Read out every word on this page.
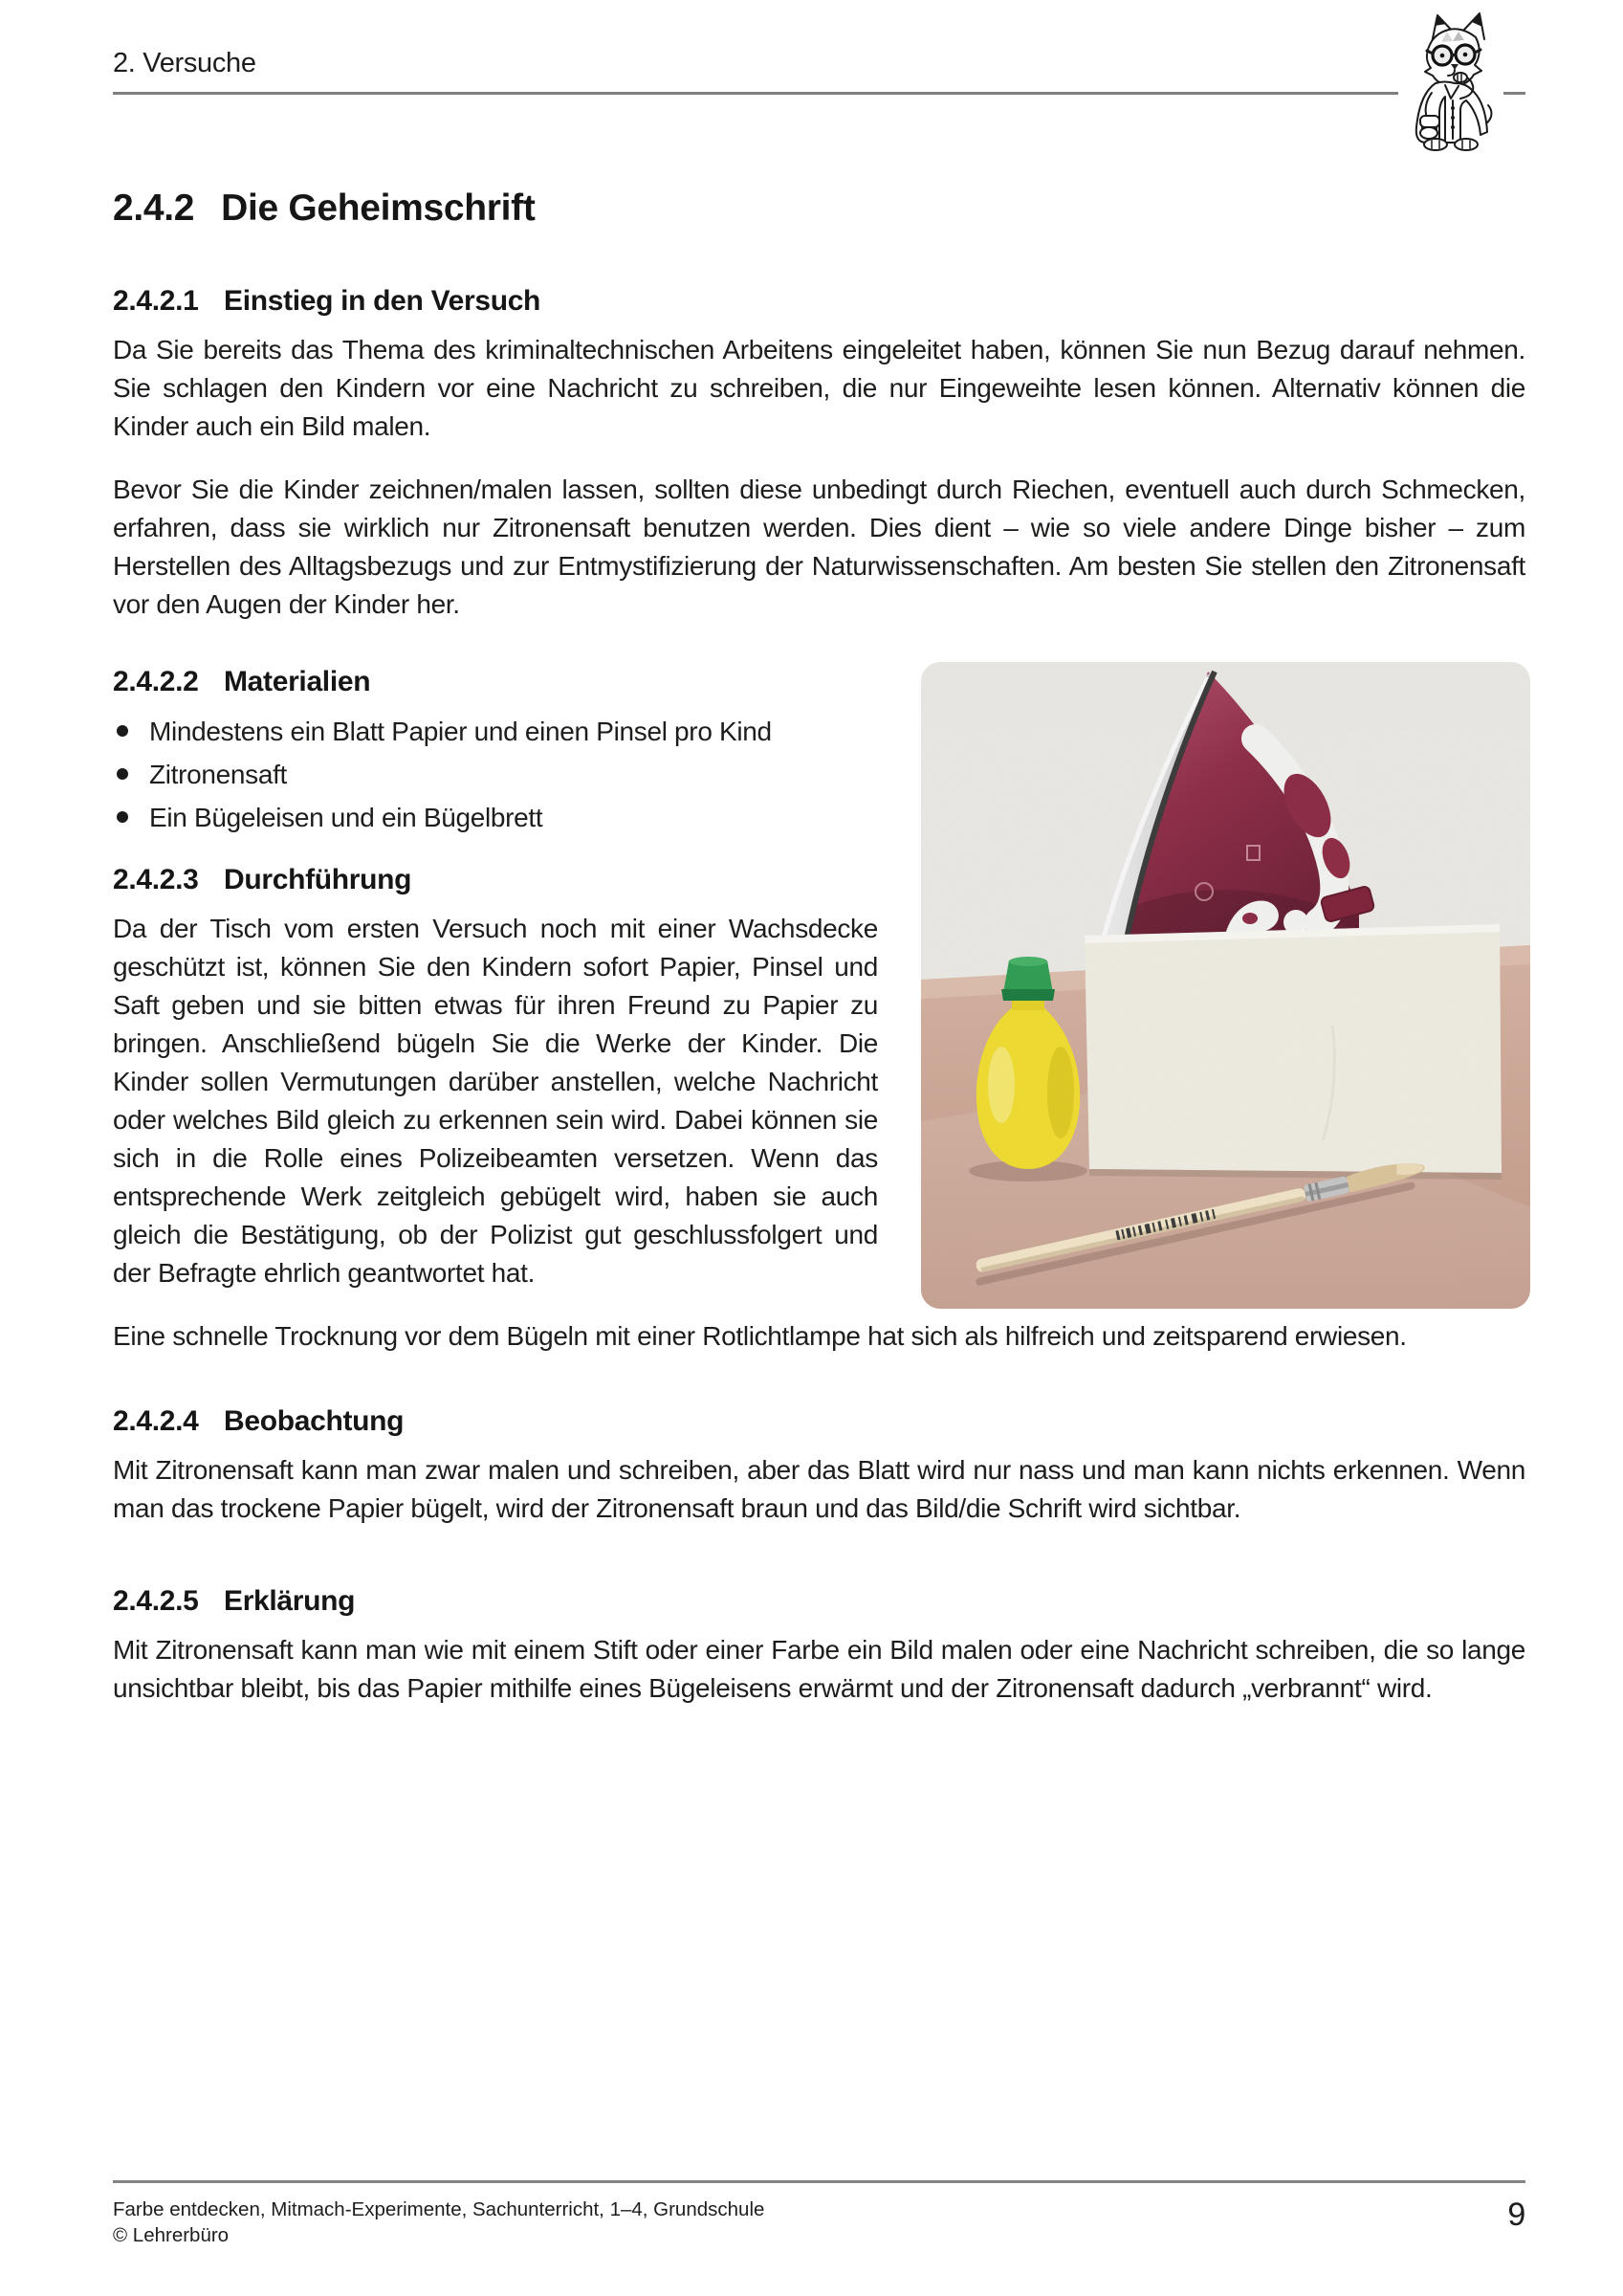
2. Versuche
2.4.2 Die Geheimschrift
2.4.2.1 Einstieg in den Versuch

Da Sie bereits das Thema des kriminaltechnischen Arbeitens eingeleitet haben, können Sie nun Bezug darauf nehmen. Sie schlagen den Kindern vor eine Nachricht zu schreiben, die nur Eingeweihte lesen können. Alternativ können die Kinder auch ein Bild malen.

Bevor Sie die Kinder zeichnen/malen lassen, sollten diese unbedingt durch Riechen, eventuell auch durch Schmecken, erfahren, dass sie wirklich nur Zitronensaft benutzen werden. Dies dient – wie so viele andere Dinge bisher – zum Herstellen des Alltagsbezugs und zur Entmystifizierung der Naturwissenschaften. Am besten Sie stellen den Zitronensaft vor den Augen der Kinder her.

2.4.2.2 Materialien
Mindestens ein Blatt Papier und einen Pinsel pro Kind
Zitronensaft
Ein Bügeleisen und ein Bügelbrett
2.4.2.3 Durchführung

Da der Tisch vom ersten Versuch noch mit einer Wachsdecke geschützt ist, können Sie den Kindern sofort Papier, Pinsel und Saft geben und sie bitten etwas für ihren Freund zu Papier zu bringen. Anschließend bügeln Sie die Werke der Kinder. Die Kinder sollen Vermutungen darüber anstellen, welche Nachricht oder welches Bild gleich zu erkennen sein wird. Dabei können sie sich in die Rolle eines Polizeibeamten versetzen. Wenn das entsprechende Werk zeitgleich gebügelt wird, haben sie auch gleich die Bestätigung, ob der Polizist gut geschlussfolgert und der Befragte ehrlich geantwortet hat.

Eine schnelle Trocknung vor dem Bügeln mit einer Rotlichtlampe hat sich als hilfreich und zeitsparend erwiesen.

2.4.2.4 Beobachtung

Mit Zitronensaft kann man zwar malen und schreiben, aber das Blatt wird nur nass und man kann nichts erkennen. Wenn man das trockene Papier bügelt, wird der Zitronensaft braun und das Bild/die Schrift wird sichtbar.

2.4.2.5 Erklärung

Mit Zitronensaft kann man wie mit einem Stift oder einer Farbe ein Bild malen oder eine Nachricht schreiben, die so lange unsichtbar bleibt, bis das Papier mithilfe eines Bügeleisens erwärmt und der Zitronensaft dadurch „verbrannt“ wird.

Farbe entdecken, Mitmach-Experimente, Sachunterricht, 1–4, Grundschule
© Lehrerbüro
9
